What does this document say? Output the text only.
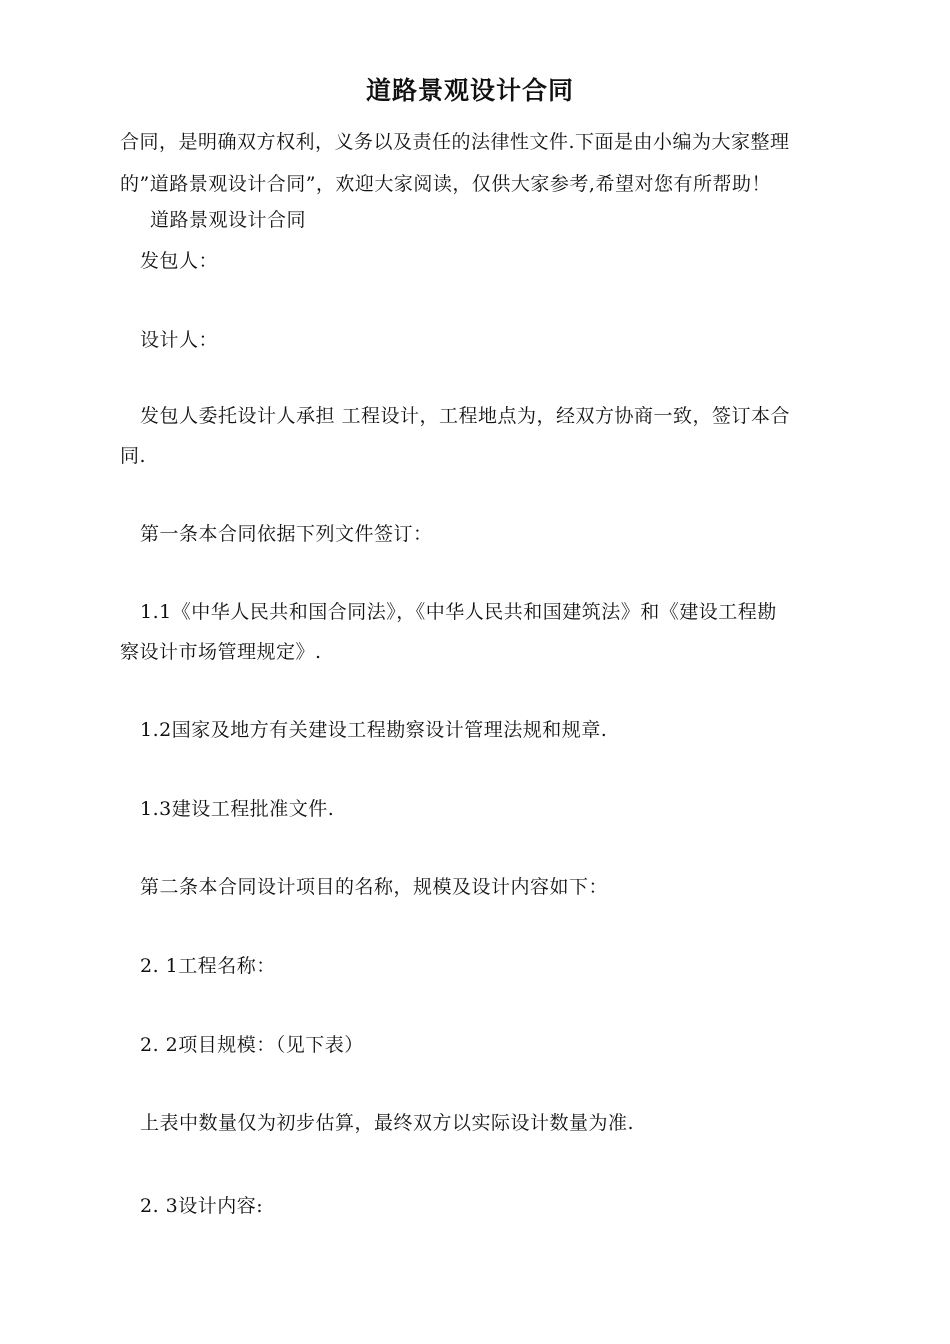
道路景观设计合同
合同，是明确双方权利，义务以及责任的法律性文件.下面是由小编为大家整理
的”道路景观设计合同”，欢迎大家阅读，仅供大家参考,希望对您有所帮助！
道路景观设计合同
发包人：
设计人：
发包人委托设计人承担 工程设计，工程地点为，经双方协商一致，签订本合
同.
第一条本合同依据下列文件签订：
1.1《中华人民共和国合同法》，《中华人民共和国建筑法》和《建设工程勘
察设计市场管理规定》.
1.2国家及地方有关建设工程勘察设计管理法规和规章.
1.3建设工程批准文件.
第二条本合同设计项目的名称，规模及设计内容如下：
2. 1工程名称：
2. 2项目规模：（见下表）
上表中数量仅为初步估算，最终双方以实际设计数量为准.
2. 3设计内容:
